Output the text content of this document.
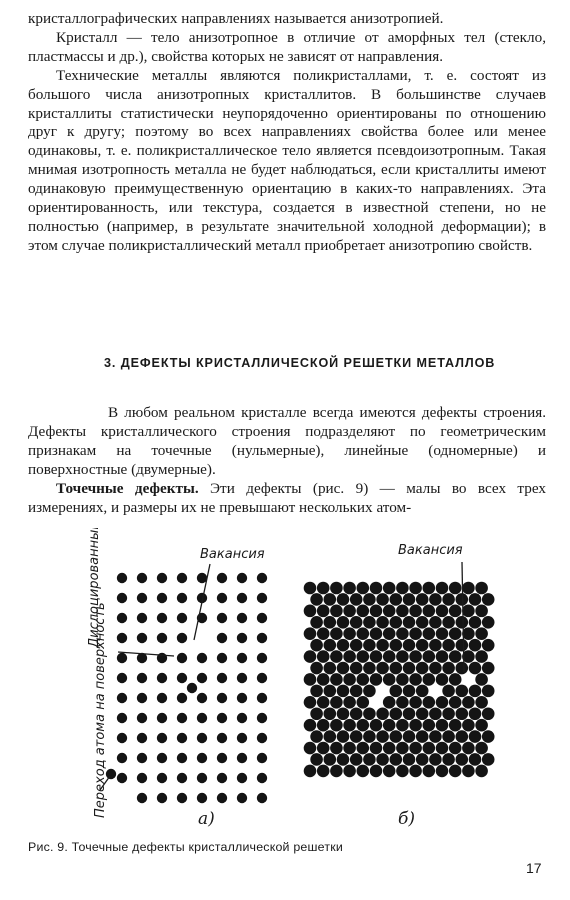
кристаллографических направлениях называется анизотропией.

Кристалл — тело анизотропное в отличие от аморфных тел (стекло, пластмассы и др.), свойства которых не зависят от направления.

Технические металлы являются поликристаллами, т. е. состоят из большого числа анизотропных кристаллитов. В большинстве случаев кристаллиты статистически неупорядоченно ориентированы по отношению друг к другу; поэтому во всех направлениях свойства более или менее одинаковы, т. е. поликристаллическое тело является псевдоизотропным. Такая мнимая изотропность металла не будет наблюдаться, если кристаллиты имеют одинаковую преимущественную ориентацию в каких-то направлениях. Эта ориентированность, или текстура, создается в известной степени, но не полностью (например, в результате значительной холодной деформации); в этом случае поликристаллический металл приобретает анизотропию свойств.

3. ДЕФЕКТЫ КРИСТАЛЛИЧЕСКОЙ РЕШЕТКИ МЕТАЛЛОВ

В любом реальном кристалле всегда имеются дефекты строения. Дефекты кристаллического строения подразделяют по геометрическим признакам на точечные (нульмерные), линейные (одномерные) и поверхностные (двумерные).

Точечные дефекты. Эти дефекты (рис. 9) — малы во всех трех измерениях, и размеры их не превышают нескольких атом-

Дислоцированный атом
Переход атома на поверхность
Вакансия	Вакансия
а)	б)
Рис. 9. Точечные дефекты кристаллической решетки
17
